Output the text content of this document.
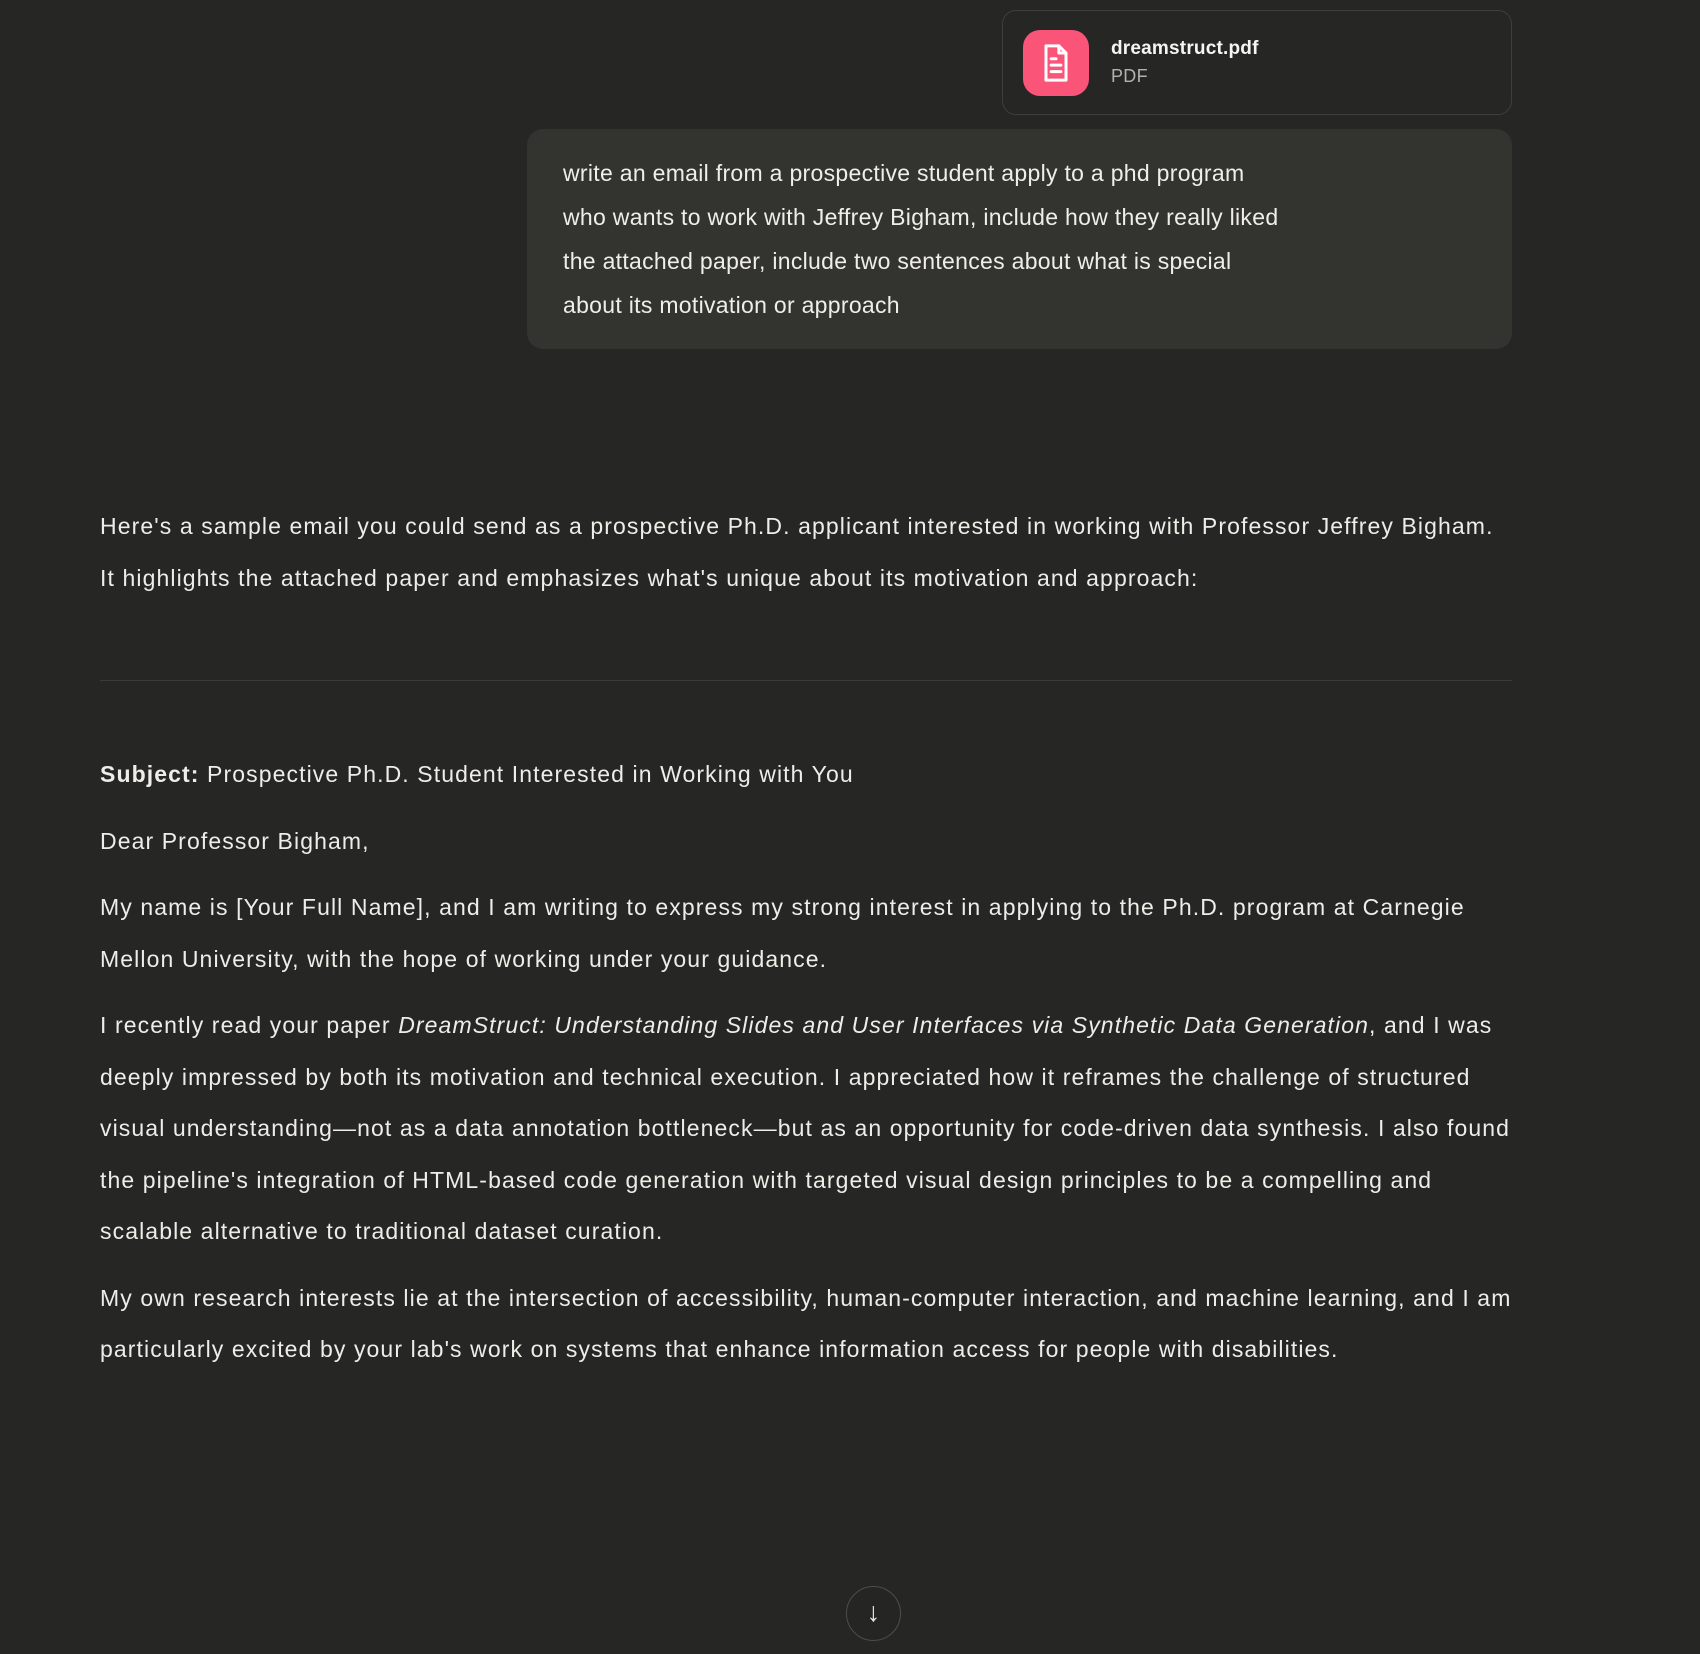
dreamstruct.pdf
PDF
write an email from a prospective student apply to a phd program
who wants to work with Jeffrey Bigham, include how they really liked
the attached paper, include two sentences about what is special
about its motivation or approach

Here's a sample email you could send as a prospective Ph.D. applicant interested in working with Professor Jeffrey Bigham. It highlights the attached paper and emphasizes what's unique about its motivation and approach:

Subject: Prospective Ph.D. Student Interested in Working with You

Dear Professor Bigham,

My name is [Your Full Name], and I am writing to express my strong interest in applying to the Ph.D. program at Carnegie Mellon University, with the hope of working under your guidance.

I recently read your paper DreamStruct: Understanding Slides and User Interfaces via Synthetic Data Generation, and I was deeply impressed by both its motivation and technical execution. I appreciated how it reframes the challenge of structured visual understanding—not as a data annotation bottleneck—but as an opportunity for code-driven data synthesis. I also found the pipeline's integration of HTML-based code generation with targeted visual design principles to be a compelling and scalable alternative to traditional dataset curation.

My own research interests lie at the intersection of accessibility, human-computer interaction, and machine learning, and I am particularly excited by your lab's work on systems that enhance information access for people with disabilities.

↓
